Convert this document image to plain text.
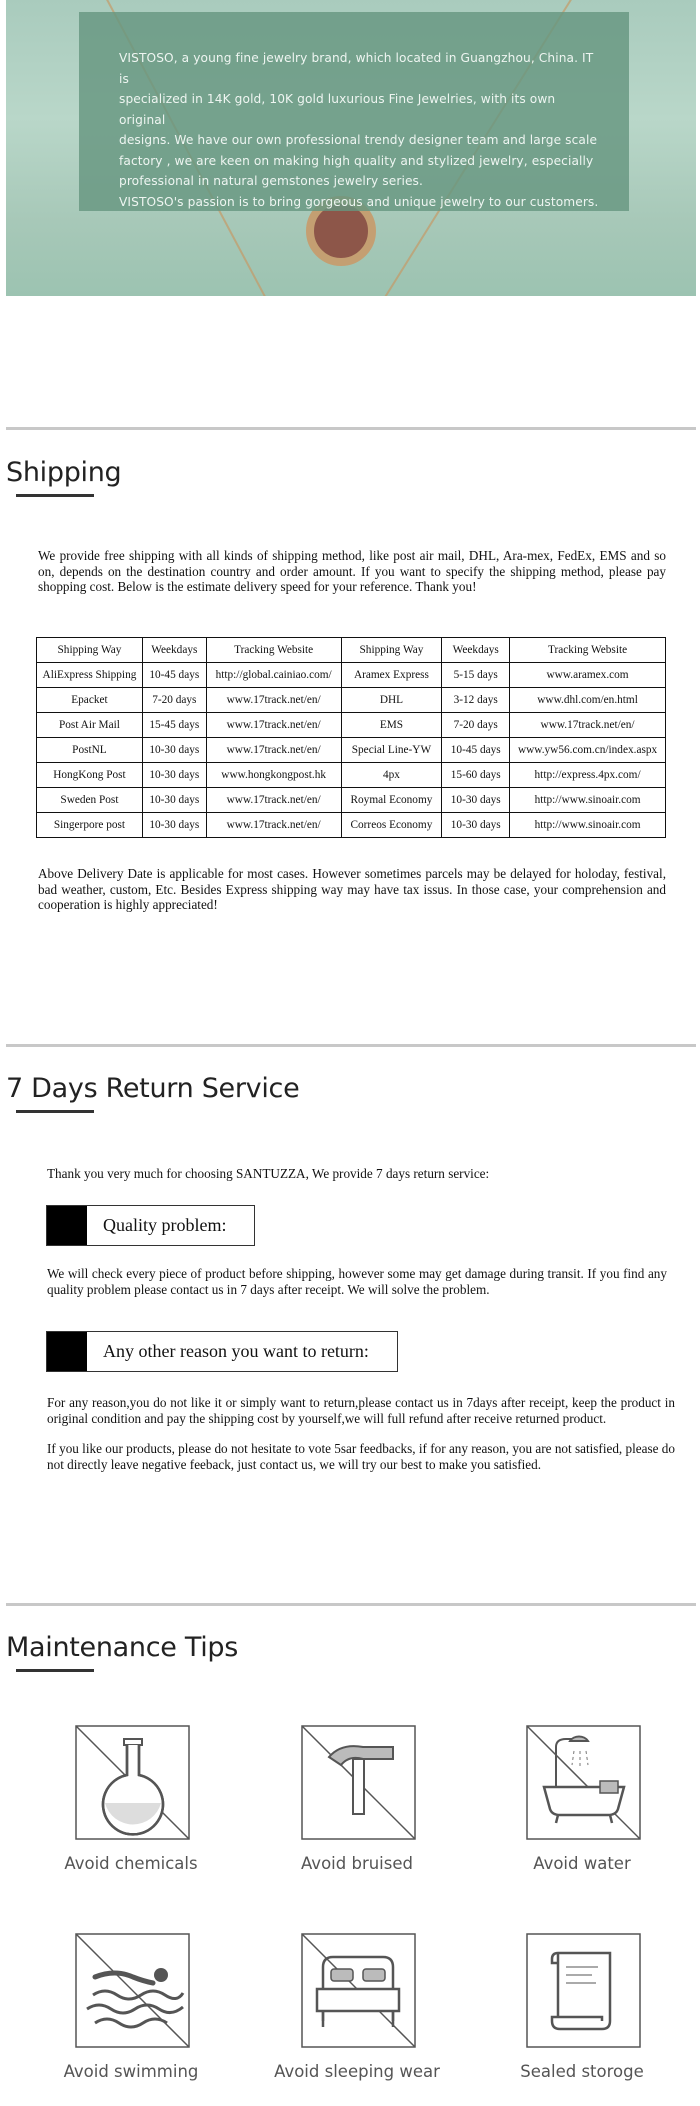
VISTOSO, a young fine jewelry brand, which located in Guangzhou, China. IT is

specialized in 14K gold, 10K gold luxurious Fine Jewelries, with its own original

designs. We have our own professional trendy designer team and large scale

factory , we are keen on making high quality and stylized jewelry, especially

professional in natural gemstones jewelry series.

VISTOSO's passion is to bring gorgeous and unique jewelry to our customers.

Shipping
We provide free shipping with all kinds of shipping method, like post air mail, DHL, Ara-mex, FedEx, EMS and so on, depends on the destination country and order amount. If you want to specify the shipping method, please pay shopping cost. Below is the estimate delivery speed for your reference. Thank you!
Shipping Way	Weekdays	Tracking Website	Shipping Way	Weekdays	Tracking Website
AliExpress Shipping	10-45 days	http://global.cainiao.com/	Aramex Express	5-15 days	www.aramex.com
Epacket	7-20 days	www.17track.net/en/	DHL	3-12 days	www.dhl.com/en.html
Post Air Mail	15-45 days	www.17track.net/en/	EMS	7-20 days	www.17track.net/en/
PostNL	10-30 days	www.17track.net/en/	Special Line-YW	10-45 days	www.yw56.com.cn/index.aspx
HongKong Post	10-30 days	www.hongkongpost.hk	4px	15-60 days	http://express.4px.com/
Sweden Post	10-30 days	www.17track.net/en/	Roymal Economy	10-30 days	http://www.sinoair.com
Singerpore post	10-30 days	www.17track.net/en/	Correos Economy	10-30 days	http://www.sinoair.com
Above Delivery Date is applicable for most cases. However sometimes parcels may be delayed for holoday, festival, bad weather, custom, Etc. Besides Express shipping way may have tax issus. In those case, your comprehension and cooperation is highly appreciated!
7 Days Return Service
Thank you very much for choosing SANTUZZA, We provide 7 days return service:
Quality problem:
We will check every piece of product before shipping, however some may get damage during transit. If you find any quality problem please contact us in 7 days after receipt. We will solve the problem.
Any other reason you want to return:
For any reason,you do not like it or simply want to return,please contact us in 7days after receipt, keep the product in original condition and pay the shipping cost by yourself,we will full refund after receive returned product.
If you like our products, please do not hesitate to vote 5sar feedbacks, if for any reason, you are not satisfied, please do not directly leave negative feeback, just contact us, we will try our best to make you satisfied.
Maintenance Tips
Avoid chemicals	Avoid bruised	Avoid water
Avoid swimming	Avoid sleeping wear	Sealed storoge
